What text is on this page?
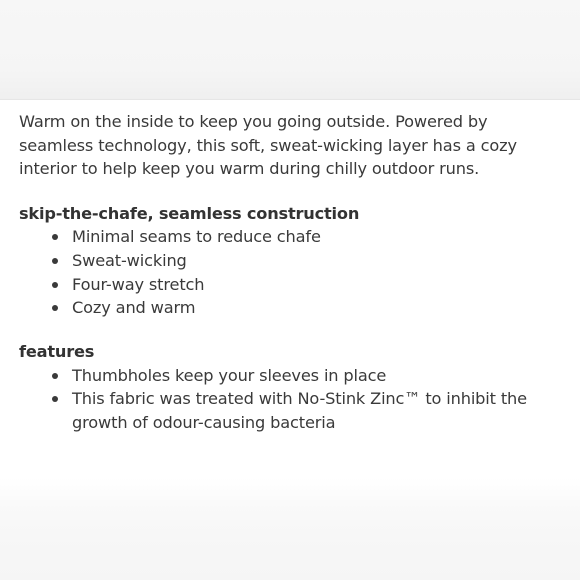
Warm on the inside to keep you going outside. Powered by seamless technology, this soft, sweat-wicking layer has a cozy interior to help keep you warm during chilly outdoor runs.

skip-the-chafe, seamless construction
Minimal seams to reduce chafe
Sweat-wicking
Four-way stretch
Cozy and warm
features
Thumbholes keep your sleeves in place
This fabric was treated with No-Stink Zinc™ to inhibit the growth of odour-causing bacteria
